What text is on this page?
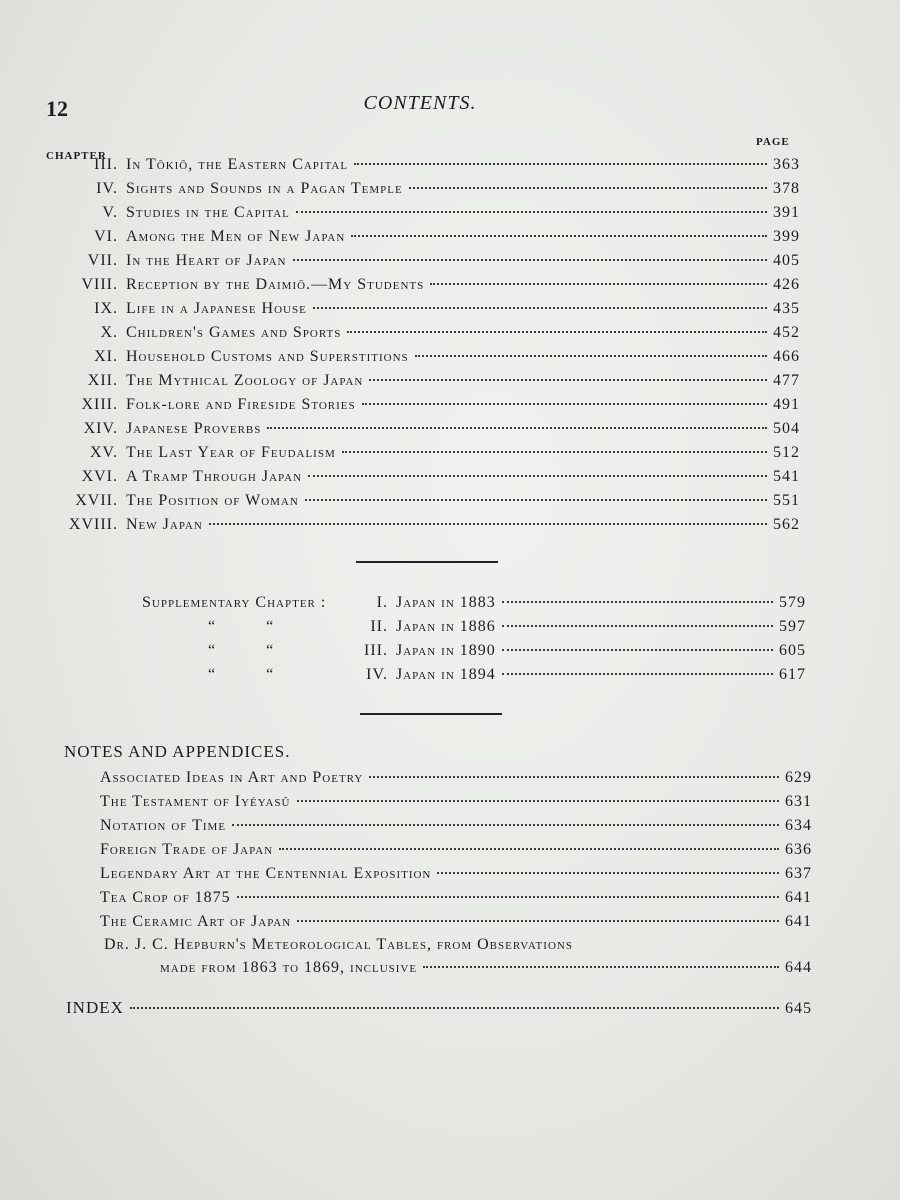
12	CONTENTS.
CHAPTER
PAGE
III. In Tōkiō, the Eastern Capital	363
IV. Sights and Sounds in a Pagan Temple	378
V. Studies in the Capital	391
VI. Among the Men of New Japan	399
VII. In the Heart of Japan	405
VIII. Reception by the Daimiō.—My Students	426
IX. Life in a Japanese House	435
X. Children's Games and Sports	452
XI. Household Customs and Superstitions	466
XII. The Mythical Zoology of Japan	477
XIII. Folk-lore and Fireside Stories	491
XIV. Japanese Proverbs	504
XV. The Last Year of Feudalism	512
XVI. A Tramp Through Japan	541
XVII. The Position of Woman	551
XVIII. New Japan	562
Supplementary Chapter :	I. Japan in 1883	579
“          “	II. Japan in 1886	597
“          “	III. Japan in 1890	605
“          “	IV. Japan in 1894	617
NOTES AND APPENDICES.
Associated Ideas in Art and Poetry	629
The Testament of Iyéyasŭ	631
Notation of Time	634
Foreign Trade of Japan	636
Legendary Art at the Centennial Exposition	637
Tea Crop of 1875	641
The Ceramic Art of Japan	641
Dr. J. C. Hepburn's Meteorological Tables, from Observations
made from 1863 to 1869, inclusive	644
INDEX	645
